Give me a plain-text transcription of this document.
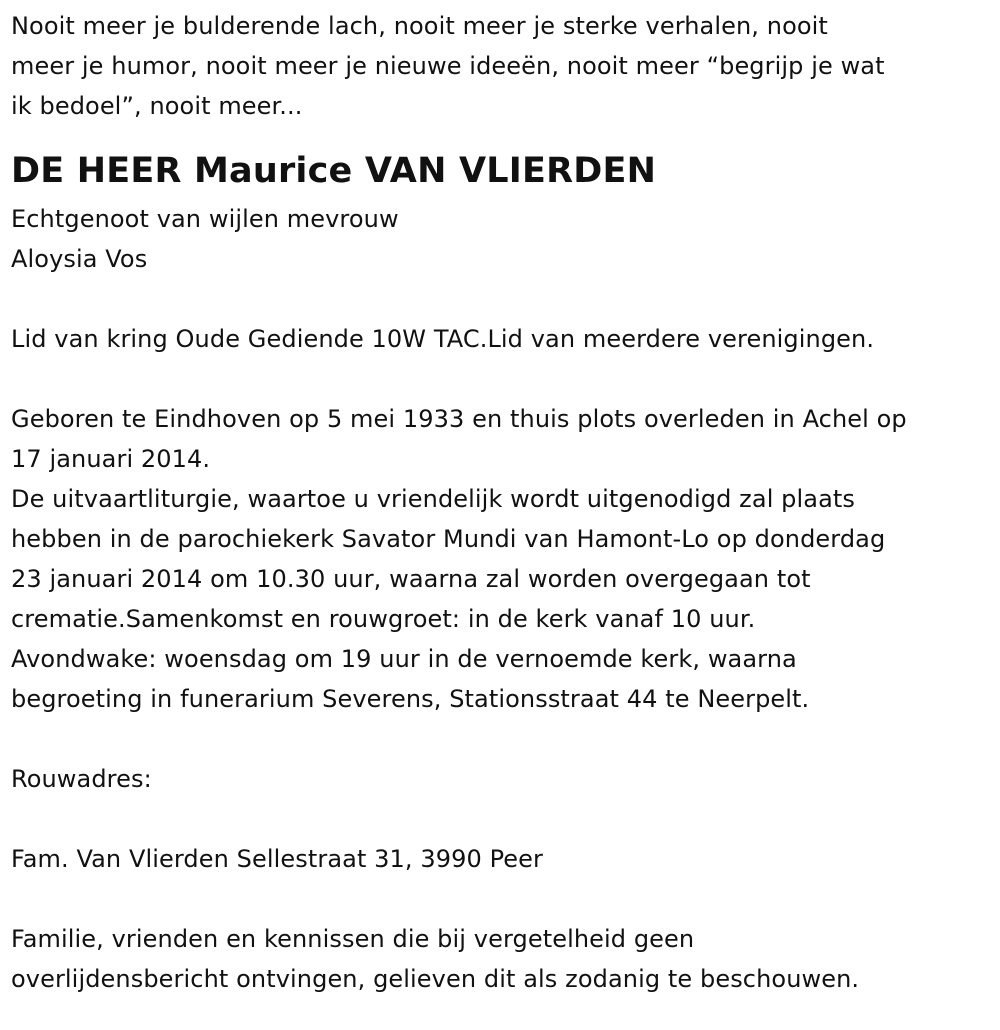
Nooit meer je bulderende lach, nooit meer je sterke verhalen, nooit

meer je humor, nooit meer je nieuwe ideeën, nooit meer “begrijp je wat

ik bedoel”, nooit meer...

DE HEER Maurice VAN VLIERDEN

Echtgenoot van wijlen mevrouw

Aloysia Vos

Lid van kring Oude Gediende 10W TAC.Lid van meerdere verenigingen.

Geboren te Eindhoven op 5 mei 1933 en thuis plots overleden in Achel op

17 januari 2014.

De uitvaartliturgie, waartoe u vriendelijk wordt uitgenodigd zal plaats

hebben in de parochiekerk Savator Mundi van Hamont-Lo op donderdag

23 januari 2014 om 10.30 uur, waarna zal worden overgegaan tot

crematie.Samenkomst en rouwgroet: in de kerk vanaf 10 uur.

Avondwake: woensdag om 19 uur in de vernoemde kerk, waarna

begroeting in funerarium Severens, Stationsstraat 44 te Neerpelt.

Rouwadres:

Fam. Van Vlierden Sellestraat 31, 3990 Peer

Familie, vrienden en kennissen die bij vergetelheid geen

overlijdensbericht ontvingen, gelieven dit als zodanig te beschouwen.
